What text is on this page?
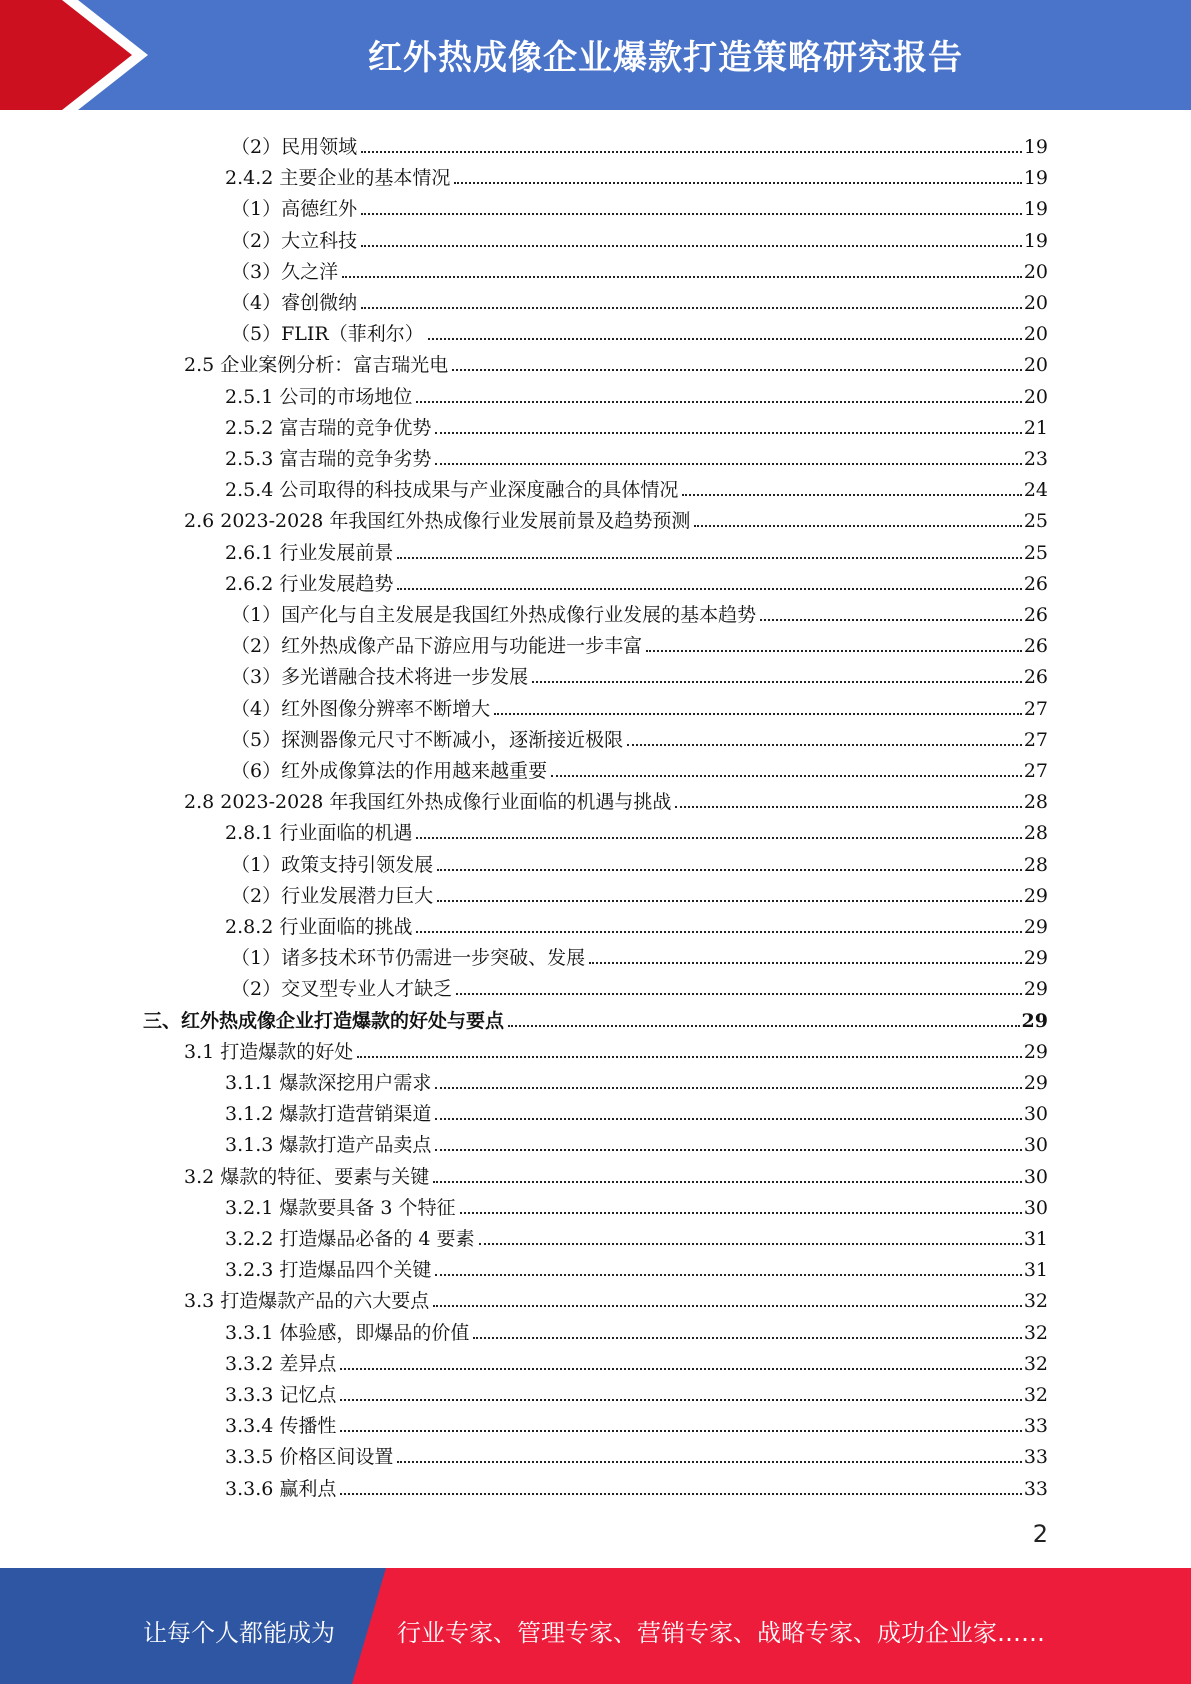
红外热成像企业爆款打造策略研究报告
（2）民用领域	19
2.4.2 主要企业的基本情况	19
（1）高德红外	19
（2）大立科技	19
（3）久之洋	20
（4）睿创微纳	20
（5）FLIR（菲利尔）	20
2.5 企业案例分析：富吉瑞光电	20
2.5.1 公司的市场地位	20
2.5.2 富吉瑞的竞争优势	21
2.5.3 富吉瑞的竞争劣势	23
2.5.4 公司取得的科技成果与产业深度融合的具体情况	24
2.6 2023-2028 年我国红外热成像行业发展前景及趋势预测	25
2.6.1 行业发展前景	25
2.6.2 行业发展趋势	26
（1）国产化与自主发展是我国红外热成像行业发展的基本趋势	26
（2）红外热成像产品下游应用与功能进一步丰富	26
（3）多光谱融合技术将进一步发展	26
（4）红外图像分辨率不断增大	27
（5）探测器像元尺寸不断减小，逐渐接近极限	27
（6）红外成像算法的作用越来越重要	27
2.8 2023-2028 年我国红外热成像行业面临的机遇与挑战	28
2.8.1 行业面临的机遇	28
（1）政策支持引领发展	28
（2）行业发展潜力巨大	29
2.8.2 行业面临的挑战	29
（1）诸多技术环节仍需进一步突破、发展	29
（2）交叉型专业人才缺乏	29
三、红外热成像企业打造爆款的好处与要点	29
3.1 打造爆款的好处	29
3.1.1 爆款深挖用户需求	29
3.1.2 爆款打造营销渠道	30
3.1.3 爆款打造产品卖点	30
3.2 爆款的特征、要素与关键	30
3.2.1 爆款要具备 3 个特征	30
3.2.2 打造爆品必备的 4 要素	31
3.2.3 打造爆品四个关键	31
3.3 打造爆款产品的六大要点	32
3.3.1 体验感，即爆品的价值	32
3.3.2 差异点	32
3.3.3 记忆点	32
3.3.4 传播性	33
3.3.5 价格区间设置	33
3.3.6 赢利点	33
2
让每个人都能成为	行业专家、管理专家、营销专家、战略专家、成功企业家……
